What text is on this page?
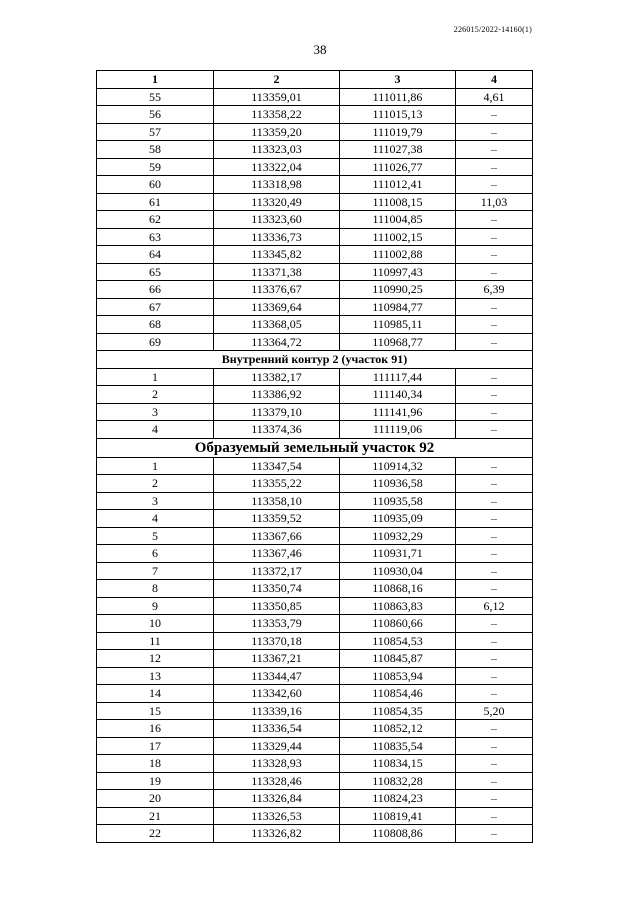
226015/2022-14160(1)
38
1	2	3	4
55	113359,01	111011,86	4,61
56	113358,22	111015,13	–
57	113359,20	111019,79	–
58	113323,03	111027,38	–
59	113322,04	111026,77	–
60	113318,98	111012,41	–
61	113320,49	111008,15	11,03
62	113323,60	111004,85	–
63	113336,73	111002,15	–
64	113345,82	111002,88	–
65	113371,38	110997,43	–
66	113376,67	110990,25	6,39
67	113369,64	110984,77	–
68	113368,05	110985,11	–
69	113364,72	110968,77	–
Внутренний контур 2 (участок 91)			
1	113382,17	111117,44	–
2	113386,92	111140,34	–
3	113379,10	111141,96	–
4	113374,36	111119,06	–
Образуемый земельный участок 92			
1	113347,54	110914,32	–
2	113355,22	110936,58	–
3	113358,10	110935,58	–
4	113359,52	110935,09	–
5	113367,66	110932,29	–
6	113367,46	110931,71	–
7	113372,17	110930,04	–
8	113350,74	110868,16	–
9	113350,85	110863,83	6,12
10	113353,79	110860,66	–
11	113370,18	110854,53	–
12	113367,21	110845,87	–
13	113344,47	110853,94	–
14	113342,60	110854,46	–
15	113339,16	110854,35	5,20
16	113336,54	110852,12	–
17	113329,44	110835,54	–
18	113328,93	110834,15	–
19	113328,46	110832,28	–
20	113326,84	110824,23	–
21	113326,53	110819,41	–
22	113326,82	110808,86	–
